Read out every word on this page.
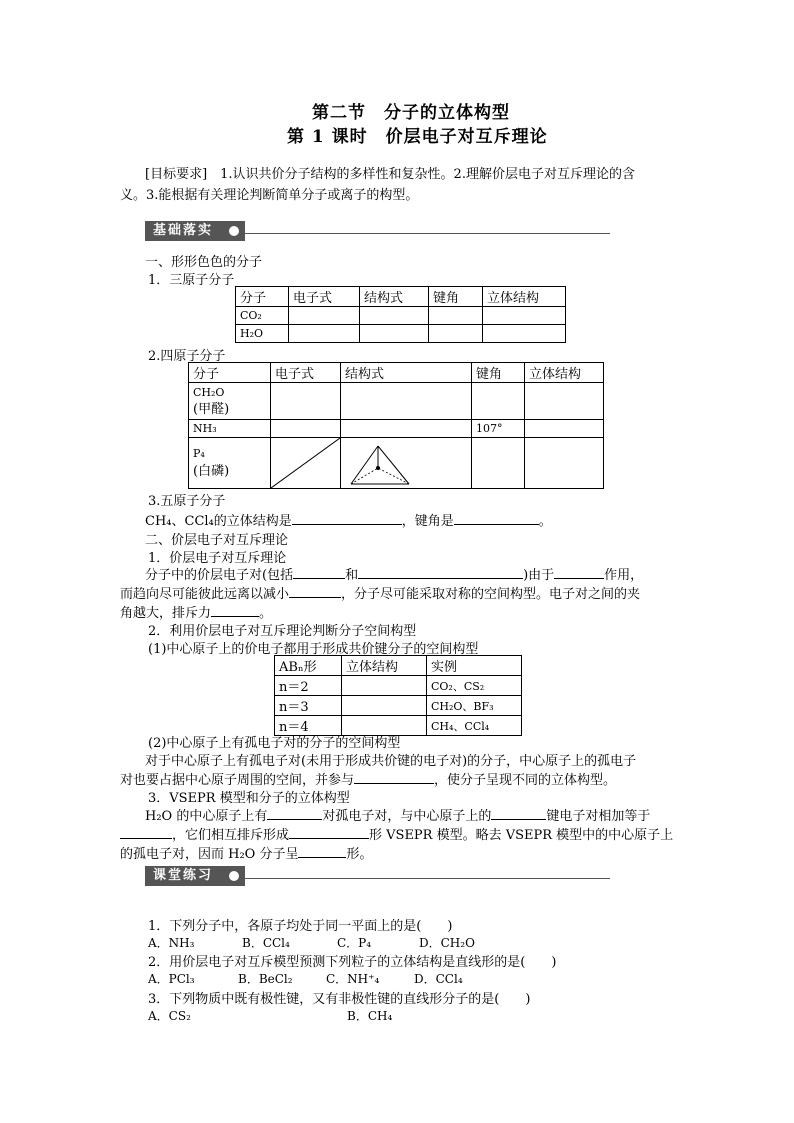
第二节　分子的立体构型
第 1 课时　价层电子对互斥理论
[目标要求]　1.认识共价分子结构的多样性和复杂性。2.理解价层电子对互斥理论的含
义。3.能根据有关理论判断简单分子或离子的构型。
基础落实
一、形形色色的分子
1．三原子分子
分子	电子式	结构式	键角	立体结构
CO₂				
H₂O				
2.四原子分子
分子	电子式	结构式	键角	立体结构

CH₂O
(甲醛)				

NH₃			107°	

P₄
(白磷)

3.五原子分子
CH₄、CCl₄的立体结构是	，键角是	。
二、价层电子对互斥理论
1．价层电子对互斥理论
分子中的价层电子对(包括	和	)由于	作用，
而趋向尽可能彼此远离以减小	，分子尽可能采取对称的空间构型。电子对之间的夹
角越大，排斥力	。
2．利用价层电子对互斥理论判断分子空间构型
(1)中心原子上的价电子都用于形成共价键分子的空间构型
ABₙ形	立体结构	实例
n＝2		CO₂、CS₂
n＝3		CH₂O、BF₃
n＝4		CH₄、CCl₄
(2)中心原子上有孤电子对的分子的空间构型
对于中心原子上有孤电子对(未用于形成共价键的电子对)的分子，中心原子上的孤电子
对也要占据中心原子周围的空间，并参与	，使分子呈现不同的立体构型。
3．VSEPR 模型和分子的立体构型
H₂O 的中心原子上有	对孤电子对，与中心原子上的	键电子对相加等于
，它们相互排斥形成	形 VSEPR 模型。略去 VSEPR 模型中的中心原子上
的孤电子对，因而 H₂O 分子呈	形。
课堂练习
1．下列分子中，各原子均处于同一平面上的是(　　)
A．NH₃	B．CCl₄	C．P₄	D．CH₂O
2．用价层电子对互斥模型预测下列粒子的立体结构是直线形的是(　　)
A．PCl₃	B．BeCl₂	C．NH⁺₄	D．CCl₄
3．下列物质中既有极性键，又有非极性键的直线形分子的是(　　)
A．CS₂	B．CH₄
